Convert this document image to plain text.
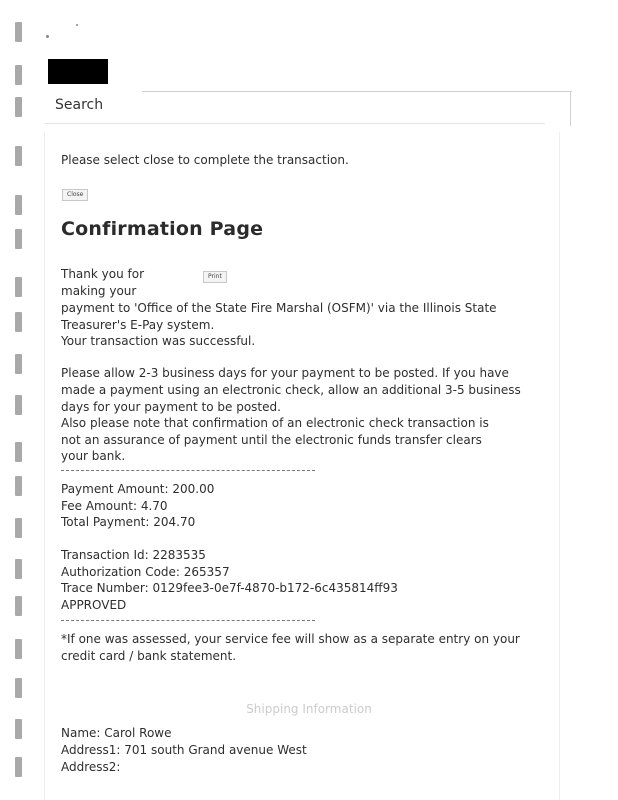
Search
Please select close to complete the transaction.
Close
Confirmation Page
Thank you for	Print
making your
payment to 'Office of the State Fire Marshal (OSFM)' via the Illinois State
Treasurer's E-Pay system.
Your transaction was successful.
Please allow 2-3 business days for your payment to be posted. If you have
made a payment using an electronic check, allow an additional 3-5 business
days for your payment to be posted.
Also please note that confirmation of an electronic check transaction is
not an assurance of payment until the electronic funds transfer clears
your bank.
Payment Amount: 200.00
Fee Amount: 4.70
Total Payment: 204.70
Transaction Id: 2283535
Authorization Code: 265357
Trace Number: 0129fee3-0e7f-4870-b172-6c435814ff93
APPROVED
*If one was assessed, your service fee will show as a separate entry on your
credit card / bank statement.
Shipping Information
Name: Carol Rowe
Address1: 701 south Grand avenue West
Address2:
